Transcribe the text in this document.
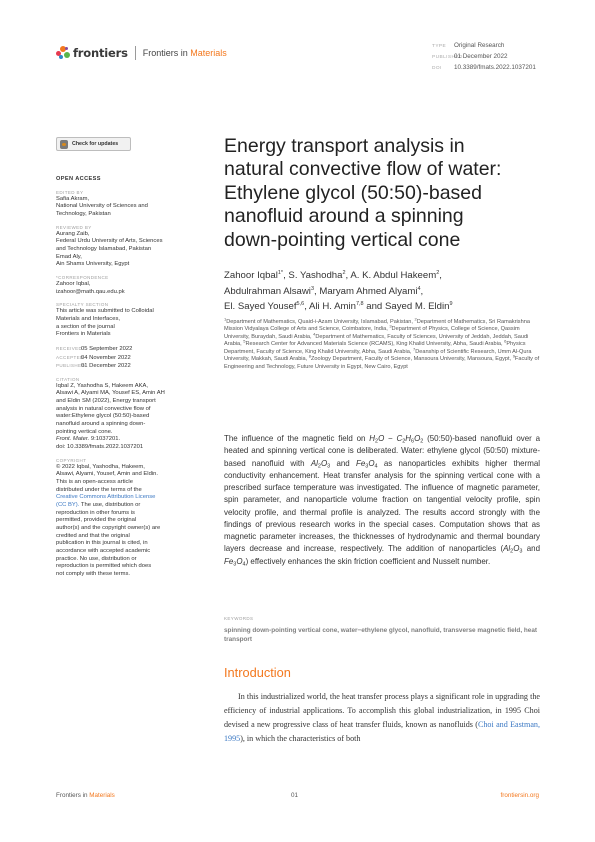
frontiers Frontiers in Materials
TYPE Original Research
PUBLISHED01 December 2022
DOI 10.3389/fmats.2022.1037201
Check for updates
OPEN ACCESS
EDITED BY

Safia Akram,

National University of Sciences and

Technology, Pakistan

REVIEWED BY

Aurang Zaib,

Federal Urdu University of Arts, Sciences

and Technology Islamabad, Pakistan

Emad Aly,

Ain Shams University, Egypt

*CORRESPONDENCE

Zahoor Iqbal,

izahoor@math.qau.edu.pk

SPECIALTY SECTION

This article was submitted to Colloidal

Materials and Interfaces,

a section of the journal

Frontiers in Materials

RECEIVED05 September 2022
ACCEPTED04 November 2022
PUBLISHED01 December 2022
CITATION

Iqbal Z, Yashodha S, Hakeem AKA,

Alsawi A, Alyami MA, Yousef ES, Amin AH

and Eldin SM (2022), Energy transport

analysis in natural convective flow of

water:Ethylene glycol (50:50)-based

nanofluid around a spinning down-

pointing vertical cone.

Front. Mater. 9:1037201.

doi: 10.3389/fmats.2022.1037201

COPYRIGHT

© 2022 Iqbal, Yashodha, Hakeem,

Alsawi, Alyami, Yousef, Amin and Eldin.

This is an open-access article

distributed under the terms of the

Creative Commons Attribution License

(CC BY). The use, distribution or

reproduction in other forums is

permitted, provided the original

author(s) and the copyright owner(s) are

credited and that the original

publication in this journal is cited, in

accordance with accepted academic

practice. No use, distribution or

reproduction is permitted which does

not comply with these terms.

Energy transport analysis in
natural convective flow of water:
Ethylene glycol (50:50)-based
nanofluid around a spinning
down-pointing vertical cone
Zahoor Iqbal$^{1*}$, S. Yashodha$^2$, A. K. Abdul Hakeem$^2$,
Abdulrahman Alsawi$^3$, Maryam Ahmed Alyami$^4$,
El. Sayed Yousef$^{5,6}$, Ali H. Amin$^{7,8}$ and Sayed M. Eldin$^9$
$^1$Department of Mathematics, Quaid-i-Azam University, Islamabad, Pakistan, $^2$Department of Mathematics, Sri Ramakrishna Mission Vidyalaya College of Arts and Science, Coimbatore, India, $^3$Department of Physics, College of Science, Qassim University, Buraydah, Saudi Arabia, $^4$Department of Mathematics, Faculty of Sciences, University of Jeddah, Jeddah, Saudi Arabia, $^5$Research Center for Advanced Materials Science (RCAMS), King Khalid University, Abha, Saudi Arabia, $^6$Physics Department, Faculty of Science, King Khalid University, Abha, Saudi Arabia, $^7$Deanship of Scientific Research, Umm Al-Qura University, Makkah, Saudi Arabia, $^8$Zoology Department, Faculty of Science, Mansoura University, Mansoura, Egypt, $^9$Faculty of Engineering and Technology, Future University in Egypt, New Cairo, Egypt
The influence of the magnetic field on $H_2O - C_2H_6O_2$ (50:50)-based nanofluid over a heated and spinning vertical cone is deliberated. Water: ethylene glycol (50:50) mixture-based nanofluid with $Al_2O_3$ and $Fe_3O_4$ as nanoparticles exhibits higher thermal conductivity enhancement. Heat transfer analysis for the spinning vertical cone with a prescribed surface temperature was investigated. The influence of magnetic parameter, spin parameter, and nanoparticle volume fraction on tangential velocity profile, spin velocity profile, and thermal profile is analyzed. The results accord strongly with the findings of previous research works in the special cases. Computation shows that as magnetic parameter increases, the thicknesses of hydrodynamic and thermal boundary layers decrease and increase, respectively. The addition of nanoparticles ($Al_2O_3$ and $Fe_3O_4$) effectively enhances the skin friction coefficient and Nusselt number.
KEYWORDS
spinning down-pointing vertical cone, water−ethylene glycol, nanofluid, transverse magnetic field, heat transport
Introduction
In this industrialized world, the heat transfer process plays a significant role in upgrading the efficiency of industrial applications. To accomplish this global industrialization, in 1995 Choi devised a new progressive class of heat transfer fluids, known as nanofluids (Choi and Eastman, 1995), in which the characteristics of both
Frontiers in Materials	01	frontiersin.org
